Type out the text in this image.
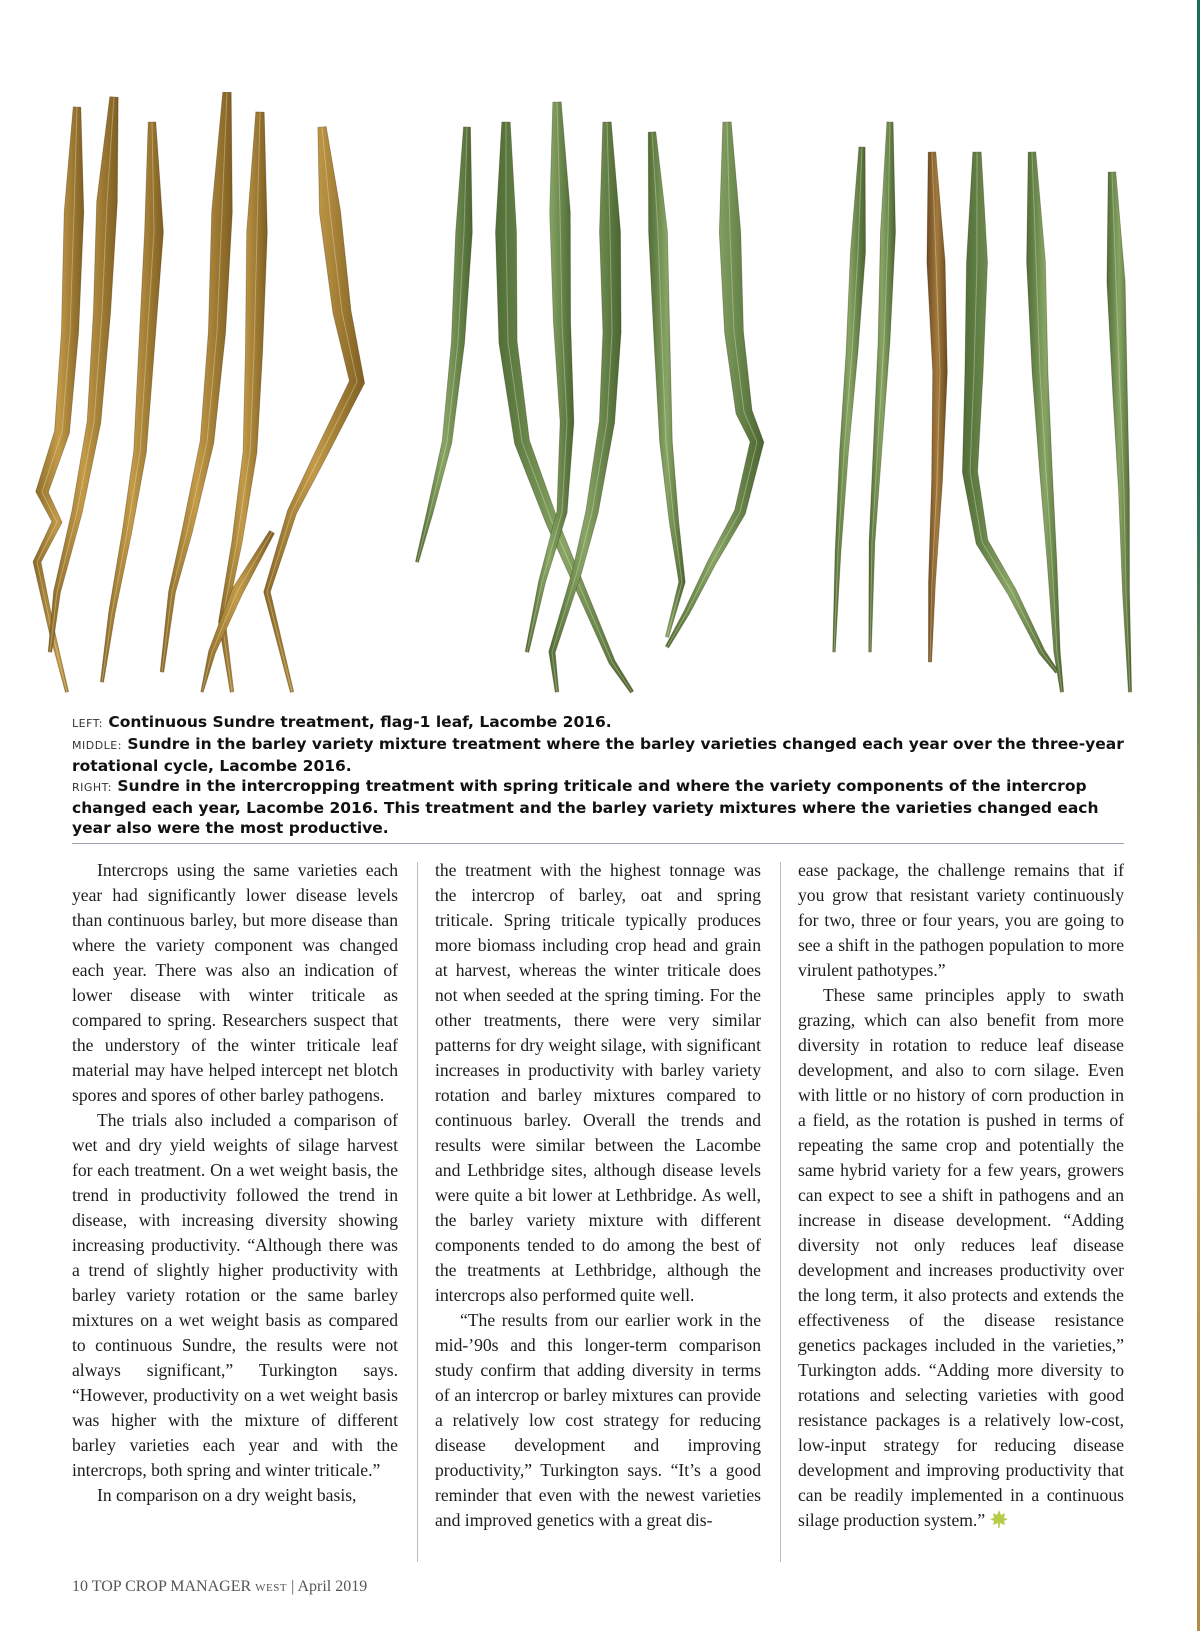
LEFT: Continuous Sundre treatment, flag-1 leaf, Lacombe 2016.

MIDDLE: Sundre in the barley variety mixture treatment where the barley varieties changed each year over the three-year rotational cycle, Lacombe 2016.

RIGHT: Sundre in the intercropping treatment with spring triticale and where the variety components of the intercrop changed each year, Lacombe 2016. This treatment and the barley variety mixtures where the varieties changed each year also were the most productive.

Intercrops using the same varieties each year had significantly lower disease levels than continuous barley, but more disease than where the variety component was changed each year. There was also an indication of lower disease with winter triticale as compared to spring. Researchers suspect that the understory of the winter triticale leaf material may have helped intercept net blotch spores and spores of other barley pathogens.

The trials also included a comparison of wet and dry yield weights of silage harvest for each treatment. On a wet weight basis, the trend in productivity followed the trend in disease, with increasing diversity showing increasing productivity. “Although there was a trend of slightly higher productivity with barley variety rotation or the same barley mixtures on a wet weight basis as compared to continuous Sundre, the results were not always significant,” Turkington says. “However, productivity on a wet weight basis was higher with the mixture of different barley varieties each year and with the intercrops, both spring and winter triticale.”

In comparison on a dry weight basis,

the treatment with the highest tonnage was the intercrop of barley, oat and spring triticale. Spring triticale typically produces more biomass including crop head and grain at harvest, whereas the winter triticale does not when seeded at the spring timing. For the other treatments, there were very similar patterns for dry weight silage, with significant increases in productivity with barley variety rotation and barley mixtures compared to continuous barley. Overall the trends and results were similar between the Lacombe and Lethbridge sites, although disease levels were quite a bit lower at Lethbridge. As well, the barley variety mixture with different components tended to do among the best of the treatments at Lethbridge, although the intercrops also performed quite well.

“The results from our earlier work in the mid-’90s and this longer-term comparison study confirm that adding diversity in terms of an intercrop or barley mixtures can provide a relatively low cost strategy for reducing disease development and improving productivity,” Turkington says. “It’s a good reminder that even with the newest varieties and improved genetics with a great dis-

ease package, the challenge remains that if you grow that resistant variety continuously for two, three or four years, you are going to see a shift in the pathogen population to more virulent pathotypes.”

These same principles apply to swath grazing, which can also benefit from more diversity in rotation to reduce leaf disease development, and also to corn silage. Even with little or no history of corn production in a field, as the rotation is pushed in terms of repeating the same crop and potentially the same hybrid variety for a few years, growers can expect to see a shift in pathogens and an increase in disease development. “Adding diversity not only reduces leaf disease development and increases productivity over the long term, it also protects and extends the effectiveness of the disease resistance genetics packages included in the varieties,” Turkington adds. “Adding more diversity to rotations and selecting varieties with good resistance packages is a relatively low-cost, low-input strategy for reducing disease development and improving productivity that can be readily implemented in a continuous silage production system.”

10 TOP CROP MANAGER WEST | April 2019
